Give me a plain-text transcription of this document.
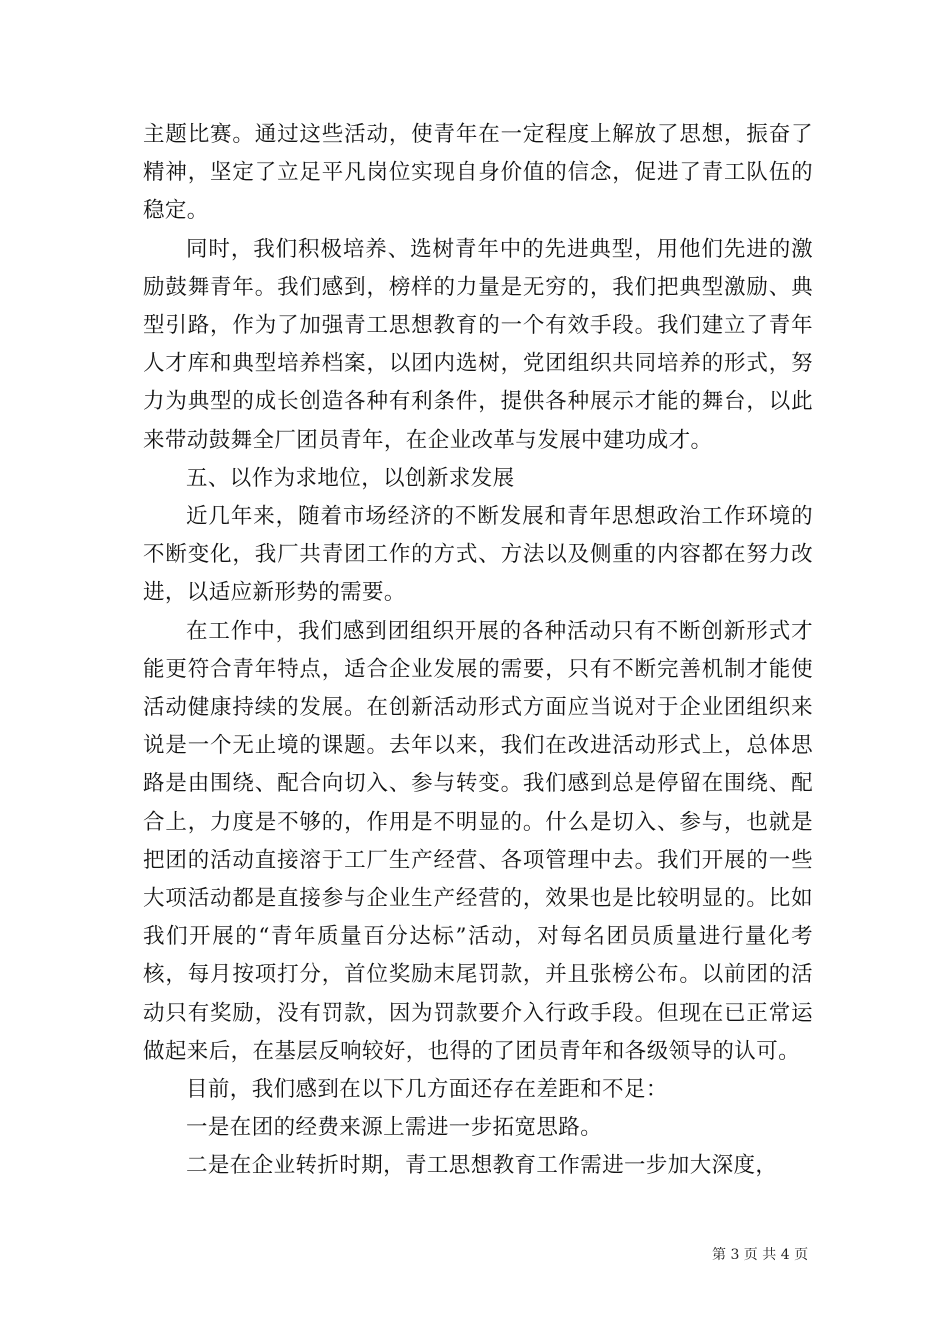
主题比赛。通过这些活动，使青年在一定程度上解放了思想，振奋了精神，坚定了立足平凡岗位实现自身价值的信念，促进了青工队伍的稳定。

同时，我们积极培养、选树青年中的先进典型，用他们先进的激励鼓舞青年。我们感到，榜样的力量是无穷的，我们把典型激励、典型引路，作为了加强青工思想教育的一个有效手段。我们建立了青年人才库和典型培养档案，以团内选树，党团组织共同培养的形式，努力为典型的成长创造各种有利条件，提供各种展示才能的舞台，以此来带动鼓舞全厂团员青年，在企业改革与发展中建功成才。

五、以作为求地位，以创新求发展

近几年来，随着市场经济的不断发展和青年思想政治工作环境的不断变化，我厂共青团工作的方式、方法以及侧重的内容都在努力改进，以适应新形势的需要。

在工作中，我们感到团组织开展的各种活动只有不断创新形式才能更符合青年特点，适合企业发展的需要，只有不断完善机制才能使活动健康持续的发展。在创新活动形式方面应当说对于企业团组织来说是一个无止境的课题。去年以来，我们在改进活动形式上，总体思路是由围绕、配合向切入、参与转变。我们感到总是停留在围绕、配合上，力度是不够的，作用是不明显的。什么是切入、参与，也就是把团的活动直接溶于工厂生产经营、各项管理中去。我们开展的一些大项活动都是直接参与企业生产经营的，效果也是比较明显的。比如我们开展的“青年质量百分达标”活动，对每名团员质量进行量化考核，每月按项打分，首位奖励末尾罚款，并且张榜公布。以前团的活动只有奖励，没有罚款，因为罚款要介入行政手段。但现在已正常运做起来后，在基层反响较好，也得的了团员青年和各级领导的认可。

目前，我们感到在以下几方面还存在差距和不足：

一是在团的经费来源上需进一步拓宽思路。

二是在企业转折时期，青工思想教育工作需进一步加大深度，

第 3 页 共 4 页
